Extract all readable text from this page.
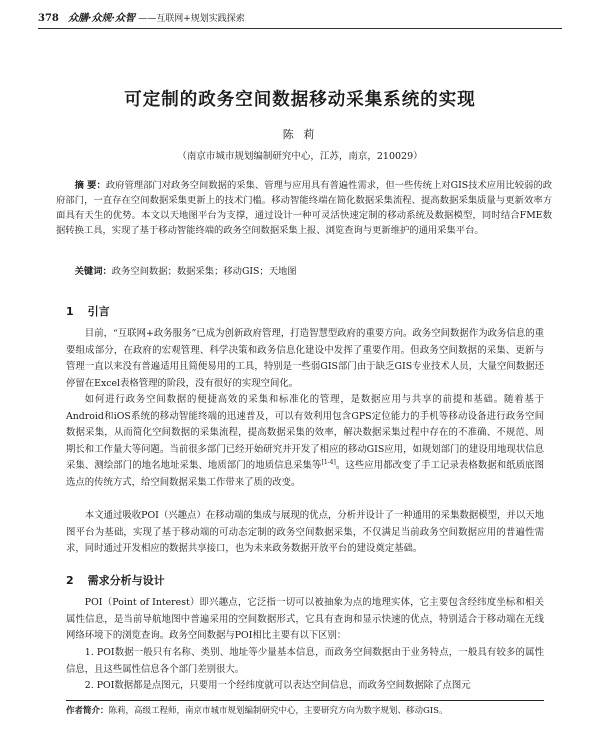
378 众膳·众规·众智 ——互联网+规划实践探索
可定制的政务空间数据移动采集系统的实现
陈 莉
（南京市城市规划编制研究中心，江苏，南京，210029）

摘 要：政府管理部门对政务空间数据的采集、管理与应用具有普遍性需求，但一些传统上对GIS技术应用比较弱的政府部门，一直存在空间数据采集更新上的技术门槛。移动智能终端在简化数据采集流程、提高数据采集质量与更新效率方面具有天生的优势。本文以天地图平台为支撑，通过设计一种可灵活快速定制的移动系统及数据模型，同时结合FME数据转换工具，实现了基于移动智能终端的政务空间数据采集上报、浏览查询与更新维护的通用采集平台。

关键词：政务空间数据；数据采集；移动GIS；天地图

1 引言

目前，“互联网+政务服务”已成为创新政府管理，打造智慧型政府的重要方向。政务空间数据作为政务信息的重要组成部分，在政府的宏观管理、科学决策和政务信息化建设中发挥了重要作用。但政务空间数据的采集、更新与管理一直以来没有普遍适用且简便易用的工具，特别是一些弱GIS部门由于缺乏GIS专业技术人员，大量空间数据还停留在Excel表格管理的阶段，没有很好的实现空间化。

如何进行政务空间数据的便捷高效的采集和标准化的管理，是数据应用与共享的前提和基础。随着基于Android和iOS系统的移动智能终端的迅速普及，可以有效利用包含GPS定位能力的手机等移动设备进行政务空间数据采集，从而简化空间数据的采集流程，提高数据采集的效率，解决数据采集过程中存在的不准确、不规范、周期长和工作量大等问题。当前很多部门已经开始研究并开发了相应的移动GIS应用，如规划部门的建设用地现状信息采集、测绘部门的地名地址采集、地质部门的地质信息采集等[1-4]。这些应用都改变了手工记录表格数据和纸质底图选点的传统方式，给空间数据采集工作带来了质的改变。

本文通过吸收POI（兴趣点）在移动端的集成与展现的优点，分析并设计了一种通用的采集数据模型，并以天地图平台为基础，实现了基于移动端的可动态定制的政务空间数据采集，不仅满足当前政务空间数据应用的普遍性需求，同时通过开发相应的数据共享接口，也为未来政务数据开放平台的建设奠定基础。

2 需求分析与设计

POI（Point of Interest）即兴趣点，它泛指一切可以被抽象为点的地理实体，它主要包含经纬度坐标和相关属性信息，是当前导航地图中普遍采用的空间数据形式，它具有查询和显示快速的优点，特别适合于移动端在无线网络环境下的浏览查询。政务空间数据与POI相比主要有以下区别：

1. POI数据一般只有名称、类别、地址等少量基本信息，而政务空间数据由于业务特点，一般具有较多的属性信息，且这些属性信息各个部门差别很大。

2. POI数据都是点图元，只要用一个经纬度就可以表达空间信息，而政务空间数据除了点图元

作者简介：陈莉，高级工程师，南京市城市规划编制研究中心，主要研究方向为数字规划、移动GIS。
